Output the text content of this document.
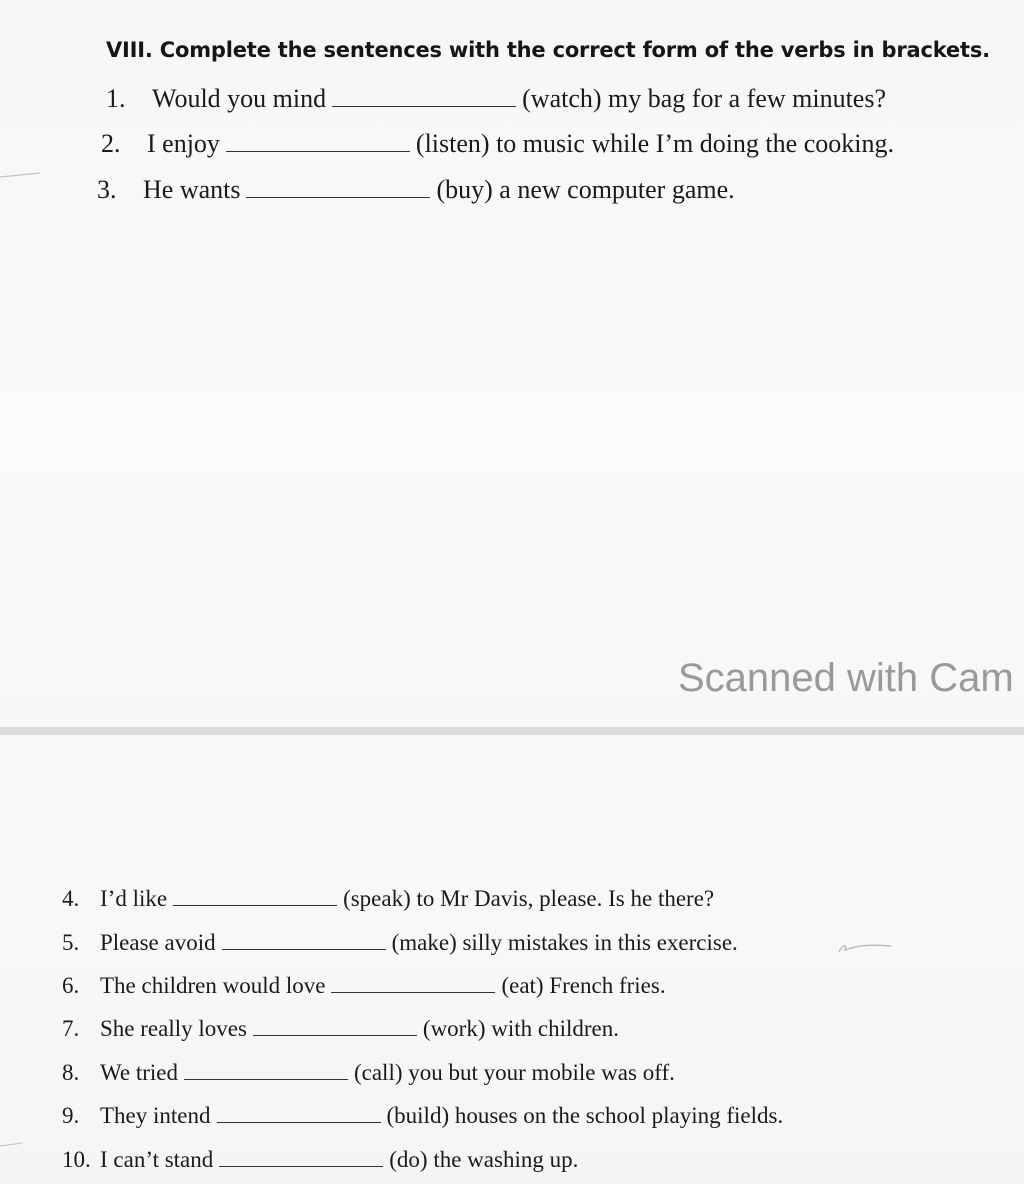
VIII. Complete the sentences with the correct form of the verbs in brackets.
1. Would you mind	(watch) my bag for a few minutes?
2. I enjoy	(listen) to music while I’m doing the cooking.
3. He wants	(buy) a new computer game.
Scanned with Cam
4. I’d like	(speak) to Mr Davis, please. Is he there?
5. Please avoid	(make) silly mistakes in this exercise.
6. The children would love	(eat) French fries.
7. She really loves	(work) with children.
8. We tried	(call) you but your mobile was off.
9. They intend	(build) houses on the school playing fields.
10. I can’t stand	(do) the washing up.
